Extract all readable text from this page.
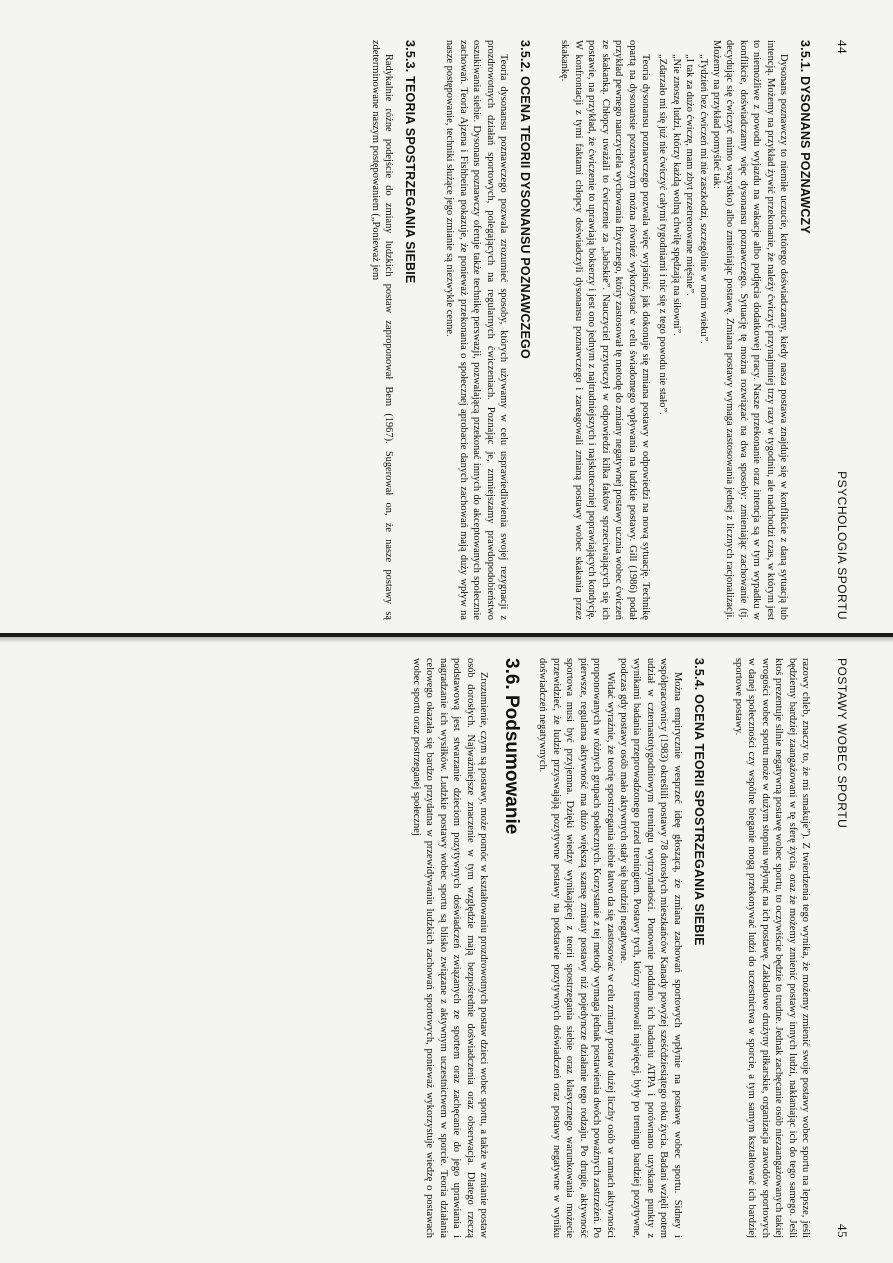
44
PSYCHOLOGIA SPORTU
3.5.1. DYSONANS POZNAWCZY

Dysonans poznawczy to niemiłe uczucie, którego doświadczamy, kiedy nasza postawa znajduje się w konflikcie z daną sytuacją lub intencją. Możemy na przykład żywić przekonanie, że należy ćwiczyć przynajmniej trzy razy w tygodniu, ale nadchodzi czas, w którym jest to niemożliwe z powodu wyjazdu na wakacje albo podjęcia dodatkowej pracy. Nasze przekonanie oraz intencja są w tym wypadku w konflikcie, doświadczamy więc dysonansu poznawczego. Sytuację tę można rozwiązać na dwa sposoby: zmieniając zachowanie (tj. decydując się ćwiczyć mimo wszystko) albo zmieniając postawę. Zmiana postawy wymaga zastosowania jednej z licznych racjonalizacji. Możemy na przykład pomyśleć tak:

„Tydzień bez ćwiczeń mi nie zaszkodzi, szczególnie w moim wieku”.
„I tak za dużo ćwiczę, mam zbyt przetrenowane mięśnie”.
„Nie znoszę ludzi, którzy każdą wolną chwilę spędzają na siłowni”.
„Zdarzało mi się już nie ćwiczyć całymi tygodniami i nic się z tego powodu nie stało”.

Teoria dysonansu poznawczego pozwala więc wyjaśnić, jak dokonuje się zmiana postawy w odpowiedzi na nową sytuację. Technikę opartą na dysonansie poznawczym można również wykorzystać w celu świadomego wpływania na ludzkie postawy. Gill (1986) podał przykład pewnego nauczyciela wychowania fizycznego, który zastosował tę metodę do zmiany negatywnej postawy ucznia wobec ćwiczeń ze skakanką. Chłopcy uważali to ćwiczenie za „babskie”. Nauczyciel przytoczył w odpowiedzi kilka faktów sprzeciwiających się ich postawie, na przykład, że ćwiczenie to uprawiają bokserzy i jest ono jednym z najtrudniejszych i najskuteczniej poprawiających kondycję. W konfrontacji z tymi faktami chłopcy doświadczyli dysonansu poznawczego i zareagowali zmianą postawy wobec skakania przez skakankę.

3.5.2. OCENA TEORII DYSONANSU POZNAWCZEGO

Teoria dysonansu poznawczego pozwala zrozumieć sposoby, których używamy w celu usprawiedliwienia swojej rezygnacji z prozdrowotnych działań sportowych, polegających na regularnych ćwiczeniach. Poznając je, zmniejszamy prawdopodobieństwo oszukiwania siebie. Dysonans poznawczy oferuje także technikę perswazji, pozwalającą przekonać innych do akceptowanych społecznie zachowań. Teoria Ajzena i Fishbeina pokazuje, że ponieważ przekonania o społecznej aprobacie danych zachowań mają duży wpływ na nasze postępowanie, techniki służące jego zmianie są niezwykle cenne.

3.5.3. TEORIA SPOSTRZEGANIA SIEBIE

Radykalnie różne podejście do zmiany ludzkich postaw zaproponował Bem (1967). Sugerował on, że nasze postawy są zdeterminowane naszym postępowaniem („Ponieważ jem

POSTAWY WOBEC SPORTU
45

razowy chleb, znaczy to, że mi smakuje”). Z twierdzenia tego wynika, że możemy zmienić swoje postawy wobec sportu na lepsze, jeśli będziemy bardziej zaangażowani w tę sferę życia, oraz że możemy zmienić postawy innych ludzi, nakłaniając ich do tego samego. Jeśli ktoś prezentuje silnie negatywną postawę wobec sportu, to oczywiście będzie to trudne. Jednak zachęcanie osób niezaangażowanych takiej wrogości wobec sportu może w dużym stopniu wpłynąć na ich postawę. Zakładowe drużyny piłkarskie, organizacja zawodów sportowych w danej społeczności czy wspólne bieganie mogą przekonywać ludzi do uczestnictwa w sporcie, a tym samym kształtować ich bardziej sportowe postawy.

3.5.4. OCENA TEORII SPOSTRZEGANIA SIEBIE

Można empirycznie wesprzeć ideę głoszącą, że zmiana zachowań sportowych wpłynie na postawę wobec sportu. Sidney i współpracownicy (1983) określili postawy 78 dorosłych mieszkańców Kanady powyżej sześćdziesiątego roku życia. Badani wzięli potem udział w czternastotygodniowym treningu wytrzymałości. Ponownie poddano ich badaniu ATPA i porównano uzyskane punkty z wynikami badania przeprowadzonego przed treningiem. Postawy tych, którzy trenowali najwięcej, były po treningu bardziej pozytywne, podczas gdy postawy osób mało aktywnych stały się bardziej negatywne.

Widać wyraźnie, że teorię spostrzegania siebie łatwo da się zastosować w celu zmiany postaw dużej liczby osób w ramach aktywności proponowanych w różnych grupach społecznych. Korzystanie z tej metody wymaga jednak postawienia dwóch poważnych zastrzeżeń. Po pierwsze, regularna aktywność ma dużo większą szansę zmiany postawy niż pojedyncze działanie tego rodzaju. Po drugie, aktywność sportowa musi być przyjemna. Dzięki wiedzy wynikającej z teorii spostrzegania siebie oraz klasycznego warunkowania możecie przewidzieć, że ludzie przyswajają pozytywne postawy na podstawie pozytywnych doświadczeń oraz postawy negatywne w wyniku doświadczeń negatywnych.

3.6. Podsumowanie

Zrozumienie, czym są postawy, może pomóc w kształtowaniu prozdrowotnych postaw dzieci wobec sportu, a także w zmianie postaw osób dorosłych. Najważniejsze znaczenie w tym względzie mają bezpośrednie doświadczenia oraz obserwacja. Dlatego rzeczą podstawową jest stwarzanie dzieciom pozytywnych doświadczeń związanych ze sportem oraz zachęcanie do jego uprawiania i nagradzanie ich wysiłków. Ludzkie postawy wobec sportu są blisko związane z aktywnym uczestnictwem w sporcie. Teoria działania celowego okazała się bardzo przydatna w przewidywaniu ludzkich zachowań sportowych, ponieważ wykorzystuje wiedzę o postawach wobec sportu oraz postrzeganej społecznej
